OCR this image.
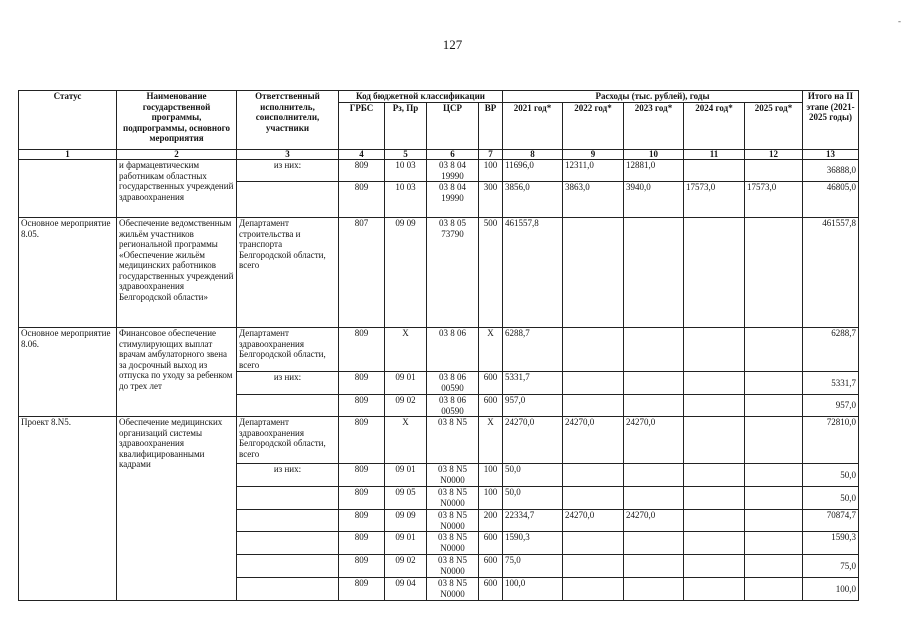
127
-
Статус	Наименование государственной программы, подпрограммы, основного мероприятия	Ответственный исполнитель, соисполнители, участники	Код бюджетной классификации				Расходы (тыс. рублей), годы					Итого на II этапе (2021-2025 годы)
			ГРБС	Рз, Пр	ЦСР	ВР	2021 год*	2022 год*	2023 год*	2024 год*	2025 год*	
1	2	3	4	5	6	7	8	9	10	11	12	13
	и фармацевтическим работникам областных государственных учреждений здравоохранения	из них:	809	10 03	03 8 04 19990	100	11696,0	12311,0	12881,0			36888,0
			809	10 03	03 8 04 19990	300	3856,0	3863,0	3940,0	17573,0	17573,0	46805,0
Основное мероприятие 8.05.	Обеспечение ведомственным жильём участников региональной программы «Обеспечение жильём медицинских работников государственных учреждений здравоохранения Белгородской области»	Департамент строительства и транспорта Белгородской области, всего	807	09 09	03 8 05 73790	500	461557,8					461557,8
Основное мероприятие 8.06.	Финансовое обеспечение стимулирующих выплат врачам амбулаторного звена за досрочный выход из отпуска по уходу за ребенком до трех лет	Департамент здравоохранения Белгородской области, всего	809	Х	03 8 06	Х	6288,7					6288,7
		из них:	809	09 01	03 8 06 00590	600	5331,7					5331,7
			809	09 02	03 8 06 00590	600	957,0					957,0
Проект 8.N5.	Обеспечение медицинских организаций системы здравоохранения квалифицированными кадрами	Департамент здравоохранения Белгородской области, всего	809	Х	03 8 N5	Х	24270,0	24270,0	24270,0			72810,0
		из них:	809	09 01	03 8 N5 N0000	100	50,0					50,0
			809	09 05	03 8 N5 N0000	100	50,0					50,0
			809	09 09	03 8 N5 N0000	200	22334,7	24270,0	24270,0			70874,7
			809	09 01	03 8 N5 N0000	600	1590,3					1590,3
			809	09 02	03 8 N5 N0000	600	75,0					75,0
			809	09 04	03 8 N5 N0000	600	100,0					100,0
